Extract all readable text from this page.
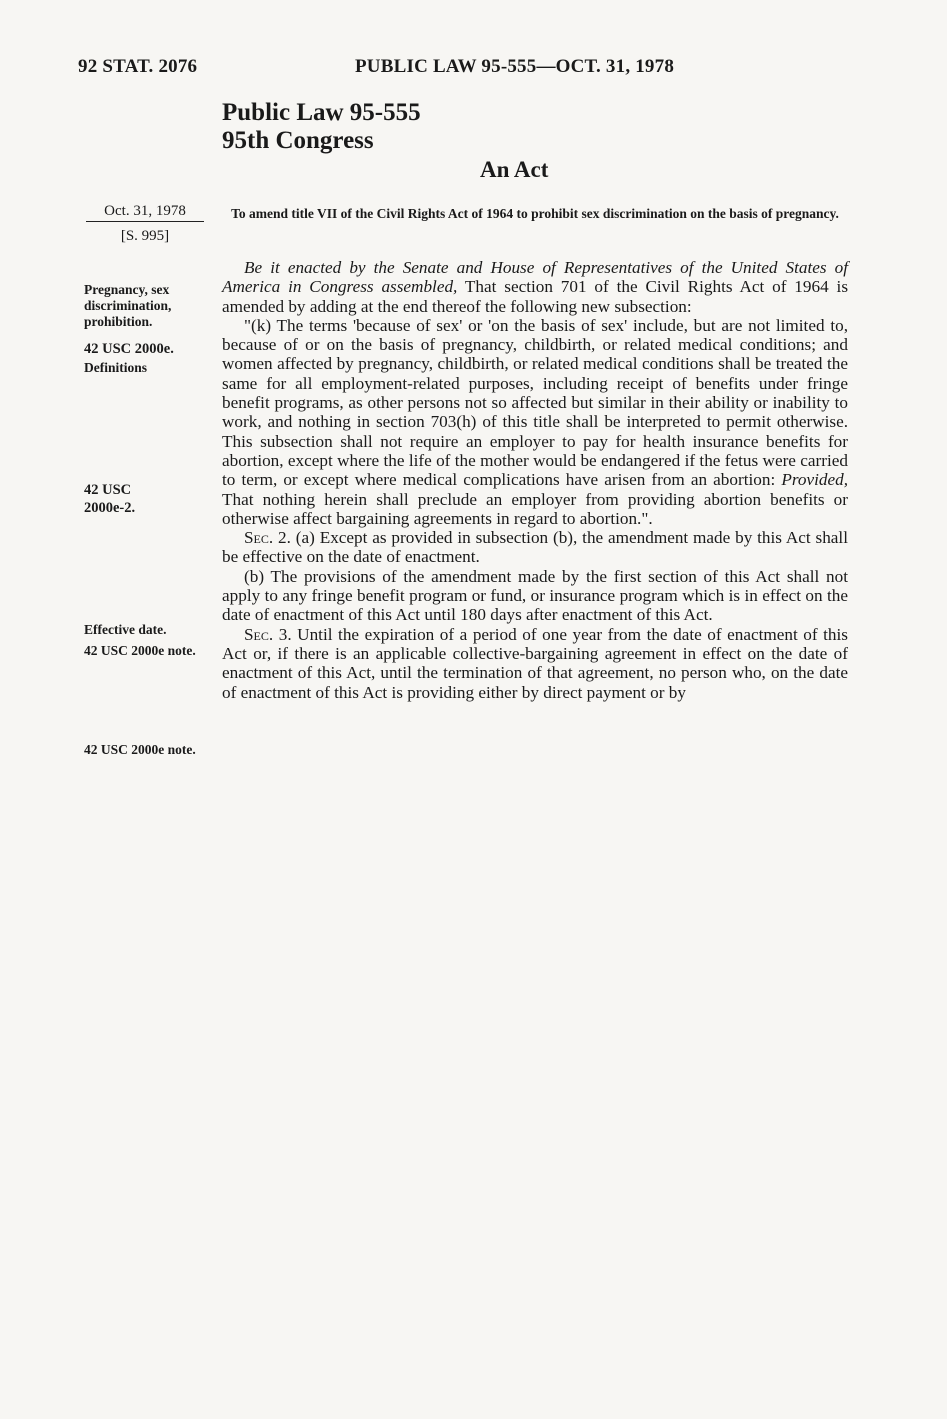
92 STAT. 2076	PUBLIC LAW 95-555—OCT. 31, 1978
Public Law 95-555
95th Congress
An Act
Oct. 31, 1978
[S. 995]
To amend title VII of the Civil Rights Act of 1964 to prohibit sex discrimination on the basis of pregnancy.
Pregnancy, sex discrimination, prohibition.
42 USC 2000e.
Definitions
42 USC 2000e-2.
Effective date.
42 USC 2000e note.
42 USC 2000e note.

Be it enacted by the Senate and House of Representatives of the United States of America in Congress assembled, That section 701 of the Civil Rights Act of 1964 is amended by adding at the end thereof the following new subsection:

"(k) The terms 'because of sex' or 'on the basis of sex' include, but are not limited to, because of or on the basis of pregnancy, childbirth, or related medical conditions; and women affected by pregnancy, childbirth, or related medical conditions shall be treated the same for all employment-related purposes, including receipt of benefits under fringe benefit programs, as other persons not so affected but similar in their ability or inability to work, and nothing in section 703(h) of this title shall be interpreted to permit otherwise. This subsection shall not require an employer to pay for health insurance benefits for abortion, except where the life of the mother would be endangered if the fetus were carried to term, or except where medical complications have arisen from an abortion: Provided, That nothing herein shall preclude an employer from providing abortion benefits or otherwise affect bargaining agreements in regard to abortion.".

Sec. 2. (a) Except as provided in subsection (b), the amendment made by this Act shall be effective on the date of enactment.

(b) The provisions of the amendment made by the first section of this Act shall not apply to any fringe benefit program or fund, or insurance program which is in effect on the date of enactment of this Act until 180 days after enactment of this Act.

Sec. 3. Until the expiration of a period of one year from the date of enactment of this Act or, if there is an applicable collective-bargaining agreement in effect on the date of enactment of this Act, until the termination of that agreement, no person who, on the date of enactment of this Act is providing either by direct payment or by
